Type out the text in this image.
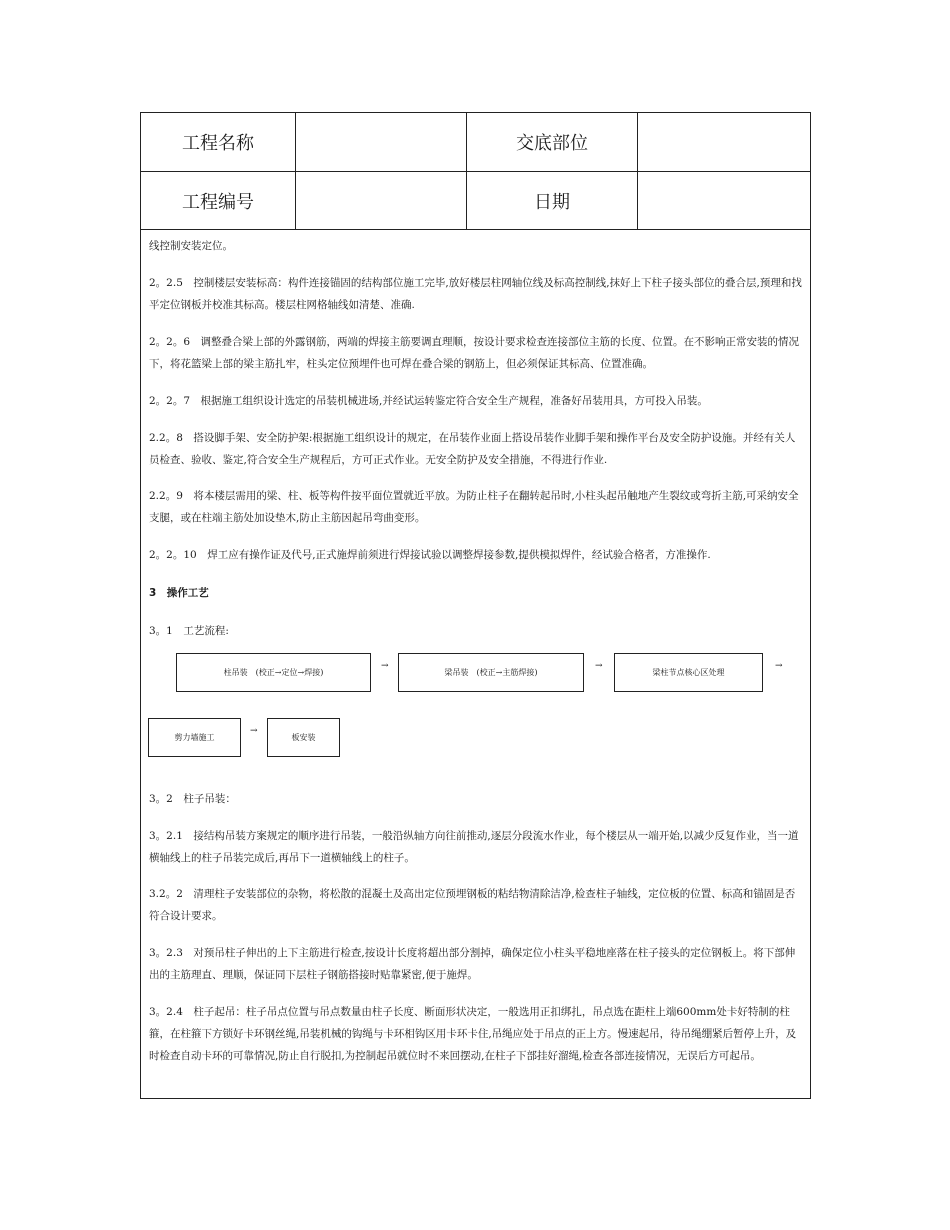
工程名称	交底部位
工程编号	日期
线控制安装定位。
2。2.5　控制楼层安装标高：构件连接锚固的结构部位施工完毕,放好楼层柱网轴位线及标高控制线,抹好上下柱子接头部位的叠合层,预理和找平定位钢板并校准其标高。楼层柱网格轴线如清楚、准确.
2。2。6　调整叠合梁上部的外露钢筋，两端的焊接主筋要调直理顺，按设计要求检查连接部位主筋的长度、位置。在不影响正常安装的情况下，将花篮梁上部的梁主筋扎牢，柱头定位预埋件也可焊在叠合梁的钢筋上，但必须保证其标高、位置准确。
2。2。7　根据施工组织设计选定的吊装机械进场,并经试运转鉴定符合安全生产规程，准备好吊装用具，方可投入吊装。
2.2。8　搭设脚手架、安全防护架:根据施工组织设计的规定，在吊装作业面上搭设吊装作业脚手架和操作平台及安全防护设施。并经有关人员检查、验收、鉴定,符合安全生产规程后，方可正式作业。无安全防护及安全措施，不得进行作业.
2.2。9　将本楼层需用的梁、柱、板等构件按平面位置就近平放。为防止柱子在翻转起吊时,小柱头起吊触地产生裂纹或弯折主筋,可采纳安全支腿，或在柱端主筋处加设垫木,防止主筋因起吊弯曲变形。
2。2。10　焊工应有操作证及代号,正式施焊前须进行焊接试验以调整焊接参数,提供模拟焊件，经试验合格者，方准操作.
3　操作工艺
3。1　工艺流程:
3。2　柱子吊装：
3。2.1　接结构吊装方案规定的顺序进行吊装，一般沿纵轴方向往前推动,逐层分段流水作业，每个楼层从一端开始,以减少反复作业，当一道横轴线上的柱子吊装完成后,再吊下一道横轴线上的柱子。
3.2。2　清理柱子安装部位的杂物，将松散的混凝土及高出定位预埋钢板的粘结物清除洁净,检查柱子轴线，定位板的位置、标高和锚固是否符合设计要求。
3。2.3　对预吊柱子伸出的上下主筋进行检查,按设计长度将超出部分割掉，确保定位小柱头平稳地座落在柱子接头的定位钢板上。将下部伸出的主筋理直、理顺，保证同下层柱子钢筋搭接时贴靠紧密,便于施焊。
3。2.4　柱子起吊：柱子吊点位置与吊点数量由柱子长度、断面形状决定，一般选用正扣绑扎，吊点选在距柱上端600mm处卡好特制的柱箍，在柱箍下方锁好卡环钢丝绳,吊装机械的钩绳与卡环相钩区用卡环卡住,吊绳应处于吊点的正上方。慢速起吊，待吊绳绷紧后暂停上升，及时检查自动卡环的可靠情况,防止自行脱扣,为控制起吊就位时不来回摆动,在柱子下部挂好溜绳,检查各部连接情况，无误后方可起吊。
柱吊装　(校正→定位→焊接)
→
梁吊装　(校正→主筋焊接)
→
梁柱节点核心区处理
→
剪力墙施工
→
板安装
